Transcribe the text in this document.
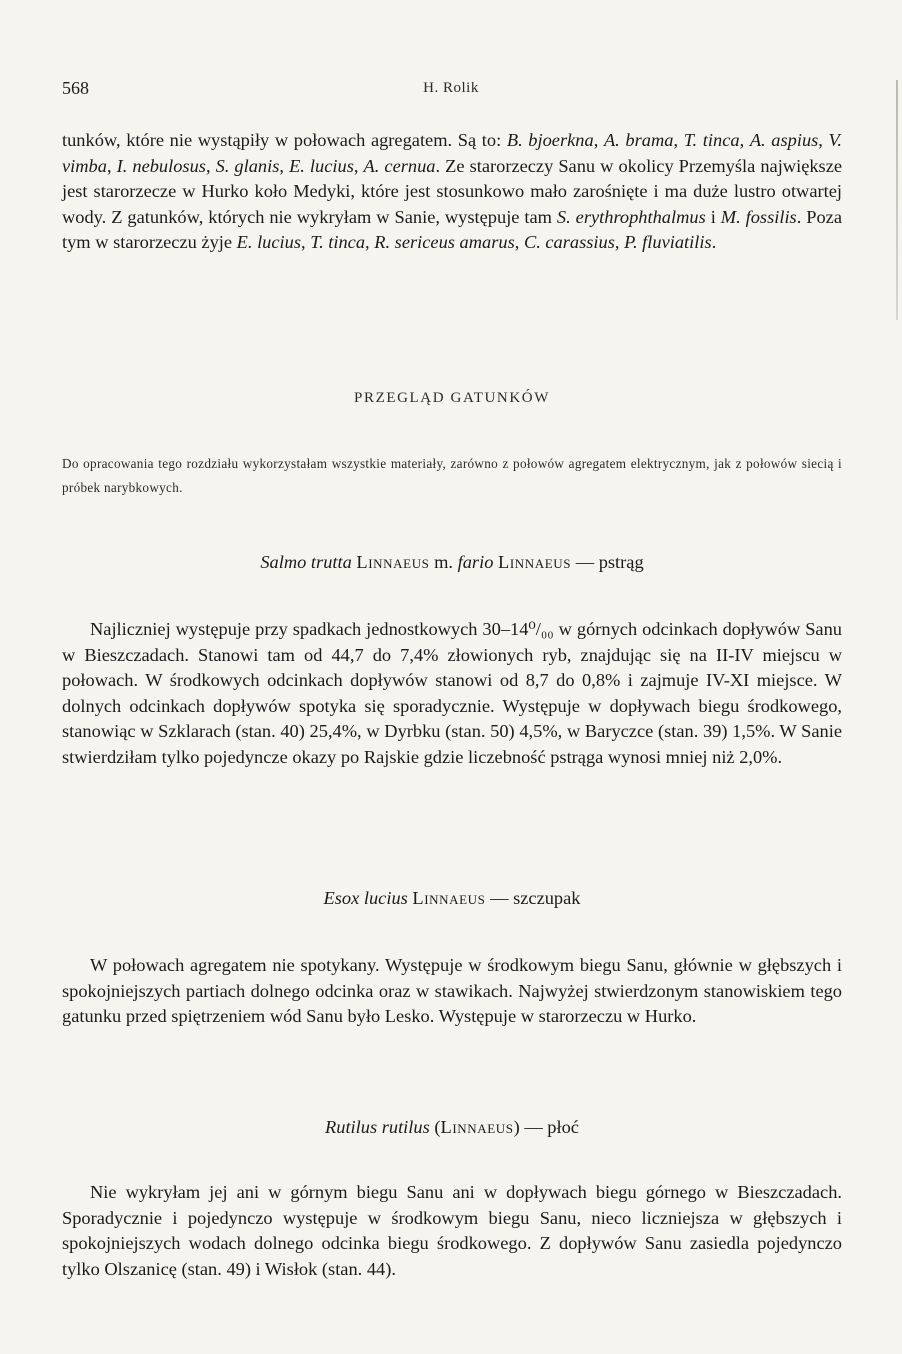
568	H. Rolik

tunków, które nie wystąpiły w połowach agregatem. Są to: B. bjoerkna, A. brama, T. tinca, A. aspius, V. vimba, I. nebulosus, S. glanis, E. lucius, A. cernua. Ze starorzeczy Sanu w okolicy Przemyśla największe jest starorzecze w Hurko koło Medyki, które jest stosunkowo mało zarośnięte i ma duże lustro otwartej wody. Z gatunków, których nie wykryłam w Sanie, występuje tam S. erythrophthalmus i M. fossilis. Poza tym w starorzeczu żyje E. lucius, T. tinca, R. sericeus amarus, C. carassius, P. fluviatilis.

PRZEGLĄD GATUNKÓW
Do opracowania tego rozdziału wykorzystałam wszystkie materiały, zarówno z połowów agregatem elektrycznym, jak z połowów siecią i próbek narybkowych.
Salmo trutta Linnaeus m. fario Linnaeus — pstrąg

Najliczniej występuje przy spadkach jednostkowych 30–14⁰/₀₀ w górnych odcinkach dopływów Sanu w Bieszczadach. Stanowi tam od 44,7 do 7,4% złowionych ryb, znajdując się na II-IV miejscu w połowach. W środkowych odcinkach dopływów stanowi od 8,7 do 0,8% i zajmuje IV-XI miejsce. W dolnych odcinkach dopływów spotyka się sporadycznie. Występuje w dopływach biegu środkowego, stanowiąc w Szklarach (stan. 40) 25,4%, w Dyrbku (stan. 50) 4,5%, w Baryczce (stan. 39) 1,5%. W Sanie stwierdziłam tylko pojedyncze okazy po Rajskie gdzie liczebność pstrąga wynosi mniej niż 2,0%.

Esox lucius Linnaeus — szczupak

W połowach agregatem nie spotykany. Występuje w środkowym biegu Sanu, głównie w głębszych i spokojniejszych partiach dolnego odcinka oraz w stawikach. Najwyżej stwierdzonym stanowiskiem tego gatunku przed spiętrzeniem wód Sanu było Lesko. Występuje w starorzeczu w Hurko.

Rutilus rutilus (Linnaeus) — płoć

Nie wykryłam jej ani w górnym biegu Sanu ani w dopływach biegu górnego w Bieszczadach. Sporadycznie i pojedynczo występuje w środkowym biegu Sanu, nieco liczniejsza w głębszych i spokojniejszych wodach dolnego odcinka biegu środkowego. Z dopływów Sanu zasiedla pojedynczo tylko Olszanicę (stan. 49) i Wisłok (stan. 44).
